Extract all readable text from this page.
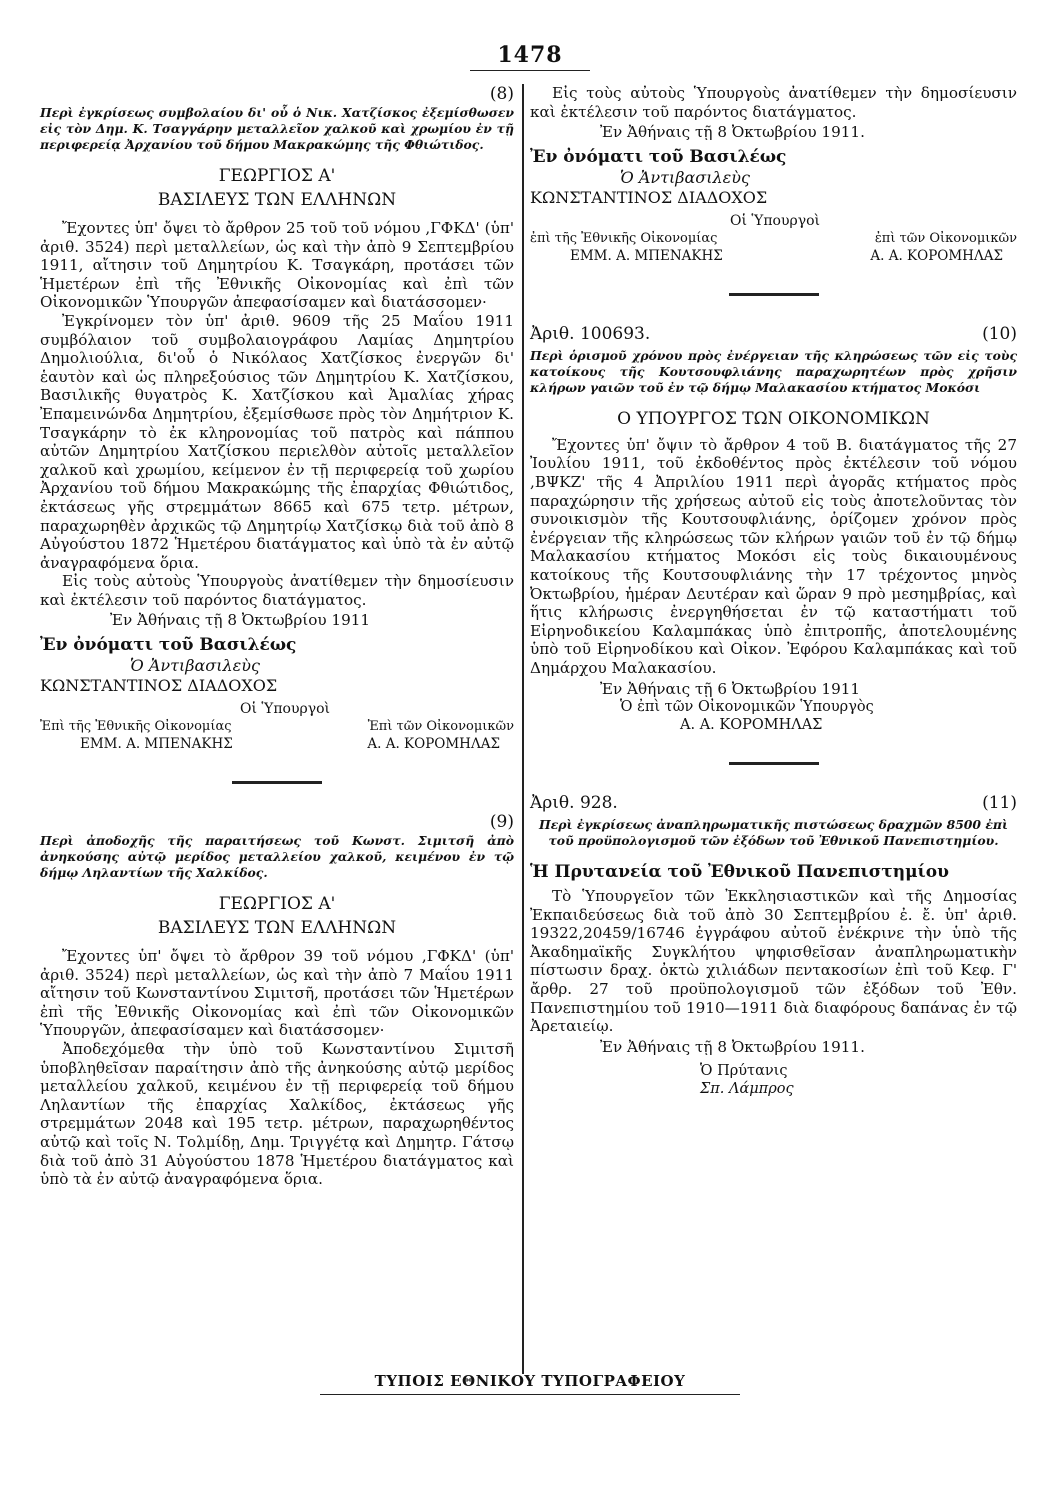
1478

(8)

Περὶ ἐγκρίσεως συμβολαίου δι' οὗ ὁ Νικ. Χατζίσκος ἐξεμίσθωσεν εἰς τὸν Δημ. Κ. Τσαγγάρην μεταλλεῖον χαλκοῦ καὶ χρωμίου ἐν τῇ περιφερείᾳ Ἀρχανίου τοῦ δήμου Μακρακώμης τῆς Φθιώτιδος.

ΓΕΩΡΓΙΟΣ Α'

ΒΑΣΙΛΕΥΣ ΤΩΝ ΕΛΛΗΝΩΝ

Ἔχοντες ὑπ' ὄψει τὸ ἄρθρον 25 τοῦ τοῦ νόμου ,ΓΦΚΔ' (ὑπ' ἀριθ. 3524) περὶ μεταλλείων, ὡς καὶ τὴν ἀπὸ 9 Σεπτεμβρίου 1911, αἴτησιν τοῦ Δημητρίου Κ. Τσαγκάρη, προτάσει τῶν Ἡμετέρων ἐπὶ τῆς Ἐθνικῆς Οἰκονομίας καὶ ἐπὶ τῶν Οἰκονομικῶν Ὑπουργῶν ἀπεφασίσαμεν καὶ διατάσσομεν·

Ἐγκρίνομεν τὸν ὑπ' ἀριθ. 9609 τῆς 25 Μαΐου 1911 συμβόλαιον τοῦ συμβολαιογράφου Λαμίας Δημητρίου Δημολιούλια, δι'οὗ ὁ Νικόλαος Χατζίσκος ἐνεργῶν δι' ἑαυτὸν καὶ ὡς πληρεξούσιος τῶν Δημητρίου Κ. Χατζίσκου, Βασιλικῆς θυγατρὸς Κ. Χατζίσκου καὶ Ἀμαλίας χήρας Ἐπαμεινώνδα Δημητρίου, ἐξεμίσθωσε πρὸς τὸν Δημήτριον Κ. Τσαγκάρην τὸ ἐκ κληρονομίας τοῦ πατρὸς καὶ πάππου αὐτῶν Δημητρίου Χατζίσκου περιελθὸν αὐτοῖς μεταλλεῖον χαλκοῦ καὶ χρωμίου, κείμενον ἐν τῇ περιφερείᾳ τοῦ χωρίου Ἀρχανίου τοῦ δήμου Μακρακώμης τῆς ἐπαρχίας Φθιώτιδος, ἐκτάσεως γῆς στρεμμάτων 8665 καὶ 675 τετρ. μέτρων, παραχωρηθὲν ἀρχικῶς τῷ Δημητρίῳ Χατζίσκῳ διὰ τοῦ ἀπὸ 8 Αὐγούστου 1872 Ἡμετέρου διατάγματος καὶ ὑπὸ τὰ ἐν αὐτῷ ἀναγραφόμενα ὅρια.

Εἰς τοὺς αὐτοὺς Ὑπουργοὺς ἀνατίθεμεν τὴν δημοσίευσιν καὶ ἐκτέλεσιν τοῦ παρόντος διατάγματος.

Ἐν Ἀθήναις τῇ 8 Ὀκτωβρίου 1911

Ἐν ὀνόματι τοῦ Βασιλέως

Ὁ Ἀντιβασιλεὺς

ΚΩΝΣΤΑΝΤΙΝΟΣ ΔΙΑΔΟΧΟΣ

Οἱ Ὑπουργοὶ

Ἐπὶ τῆς Ἐθνικῆς Οἰκονομίας	Ἐπὶ τῶν Οἰκονομικῶν
ΕΜΜ. Α. ΜΠΕΝΑΚΗΣ	Α. Α. ΚΟΡΟΜΗΛΑΣ

(9)

Περὶ ἀποδοχῆς τῆς παραιτήσεως τοῦ Κωνστ. Σιμιτσῆ ἀπὸ ἀνηκούσης αὐτῷ μερίδος μεταλλείου χαλκοῦ, κειμένου ἐν τῷ δήμῳ Ληλαντίων τῆς Χαλκίδος.

ΓΕΩΡΓΙΟΣ Α'

ΒΑΣΙΛΕΥΣ ΤΩΝ ΕΛΛΗΝΩΝ

Ἔχοντες ὑπ' ὄψει τὸ ἄρθρον 39 τοῦ νόμου ,ΓΦΚΔ' (ὑπ' ἀριθ. 3524) περὶ μεταλλείων, ὡς καὶ τὴν ἀπὸ 7 Μαΐου 1911 αἴτησιν τοῦ Κωνσταντίνου Σιμιτσῆ, προτάσει τῶν Ἡμετέρων ἐπὶ τῆς Ἐθνικῆς Οἰκονομίας καὶ ἐπὶ τῶν Οἰκονομικῶν Ὑπουργῶν, ἀπεφασίσαμεν καὶ διατάσσομεν·

Ἀποδεχόμεθα τὴν ὑπὸ τοῦ Κωνσταντίνου Σιμιτσῆ ὑποβληθεῖσαν παραίτησιν ἀπὸ τῆς ἀνηκούσης αὐτῷ μερίδος μεταλλείου χαλκοῦ, κειμένου ἐν τῇ περιφερείᾳ τοῦ δήμου Ληλαντίων τῆς ἐπαρχίας Χαλκίδος, ἐκτάσεως γῆς στρεμμάτων 2048 καὶ 195 τετρ. μέτρων, παραχωρηθέντος αὐτῷ καὶ τοῖς Ν. Τολμίδῃ, Δημ. Τριγγέτᾳ καὶ Δημητρ. Γάτσῳ διὰ τοῦ ἀπὸ 31 Αὐγούστου 1878 Ἡμετέρου διατάγματος καὶ ὑπὸ τὰ ἐν αὐτῷ ἀναγραφόμενα ὅρια.

Εἰς τοὺς αὐτοὺς Ὑπουργοὺς ἀνατίθεμεν τὴν δημοσίευσιν καὶ ἐκτέλεσιν τοῦ παρόντος διατάγματος.

Ἐν Ἀθήναις τῇ 8 Ὀκτωβρίου 1911.

Ἐν ὀνόματι τοῦ Βασιλέως

Ὁ Ἀντιβασιλεὺς

ΚΩΝΣΤΑΝΤΙΝΟΣ ΔΙΑΔΟΧΟΣ

Οἱ Ὑπουργοὶ

ἐπὶ τῆς Ἐθνικῆς Οἰκονομίας	ἐπὶ τῶν Οἰκονομικῶν
ΕΜΜ. Α. ΜΠΕΝΑΚΗΣ	Α. Α. ΚΟΡΟΜΗΛΑΣ
Ἀριθ. 100693.	(10)

Περὶ ὁρισμοῦ χρόνου πρὸς ἐνέργειαν τῆς κληρώσεως τῶν εἰς τοὺς κατοίκους τῆς Κουτσουφλιάνης παραχωρητέων πρὸς χρῆσιν κλήρων γαιῶν τοῦ ἐν τῷ δήμῳ Μαλακασίου κτήματος Μοκόσι

Ο ΥΠΟΥΡΓΟΣ ΤΩΝ ΟΙΚΟΝΟΜΙΚΩΝ

Ἔχοντες ὑπ' ὄψιν τὸ ἄρθρον 4 τοῦ Β. διατάγματος τῆς 27 Ἰουλίου 1911, τοῦ ἐκδοθέντος πρὸς ἐκτέλεσιν τοῦ νόμου ,ΒΨΚΖ' τῆς 4 Ἀπριλίου 1911 περὶ ἀγορᾶς κτήματος πρὸς παραχώρησιν τῆς χρήσεως αὐτοῦ εἰς τοὺς ἀποτελοῦντας τὸν συνοικισμὸν τῆς Κουτσουφλιάνης, ὁρίζομεν χρόνον πρὸς ἐνέργειαν τῆς κληρώσεως τῶν κλήρων γαιῶν τοῦ ἐν τῷ δήμῳ Μαλακασίου κτήματος Μοκόσι εἰς τοὺς δικαιουμένους κατοίκους τῆς Κουτσουφλιάνης τὴν 17 τρέχοντος μηνὸς Ὀκτωβρίου, ἡμέραν Δευτέραν καὶ ὥραν 9 πρὸ μεσημβρίας, καὶ ἥτις κλήρωσις ἐνεργηθήσεται ἐν τῷ καταστήματι τοῦ Εἰρηνοδικείου Καλαμπάκας ὑπὸ ἐπιτροπῆς, ἀποτελουμένης ὑπὸ τοῦ Εἰρηνοδίκου καὶ Οἰκον. Ἐφόρου Καλαμπάκας καὶ τοῦ Δημάρχου Μαλακασίου.

Ἐν Ἀθήναις τῇ 6 Ὀκτωβρίου 1911

Ὁ ἐπὶ τῶν Οἰκονομικῶν Ὑπουργὸς

Α. Α. ΚΟΡΟΜΗΛΑΣ

Ἀριθ. 928.	(11)

Περὶ ἐγκρίσεως ἀναπληρωματικῆς πιστώσεως δραχμῶν 8500 ἐπὶ τοῦ προϋπολογισμοῦ τῶν ἐξόδων τοῦ Ἐθνικοῦ Πανεπιστημίου.

Ἡ Πρυτανεία τοῦ Ἐθνικοῦ Πανεπιστημίου

Τὸ Ὑπουργεῖον τῶν Ἐκκλησιαστικῶν καὶ τῆς Δημοσίας Ἐκπαιδεύσεως διὰ τοῦ ἀπὸ 30 Σεπτεμβρίου ἐ. ἔ. ὑπ' ἀριθ. 19322,20459/16746 ἐγγράφου αὐτοῦ ἐνέκρινε τὴν ὑπὸ τῆς Ἀκαδημαϊκῆς Συγκλήτου ψηφισθεῖσαν ἀναπληρωματικὴν πίστωσιν δραχ. ὀκτὼ χιλιάδων πεντακοσίων ἐπὶ τοῦ Κεφ. Γ' ἄρθρ. 27 τοῦ προϋπολογισμοῦ τῶν ἐξόδων τοῦ Ἐθν. Πανεπιστημίου τοῦ 1910—1911 διὰ διαφόρους δαπάνας ἐν τῷ Ἀρεταιείῳ.

Ἐν Ἀθήναις τῇ 8 Ὀκτωβρίου 1911.

Ὁ Πρύτανις

Σπ. Λάμπρος

ΤΥΠΟΙΣ ΕΘΝΙΚΟΥ ΤΥΠΟΓΡΑΦΕΙΟΥ
